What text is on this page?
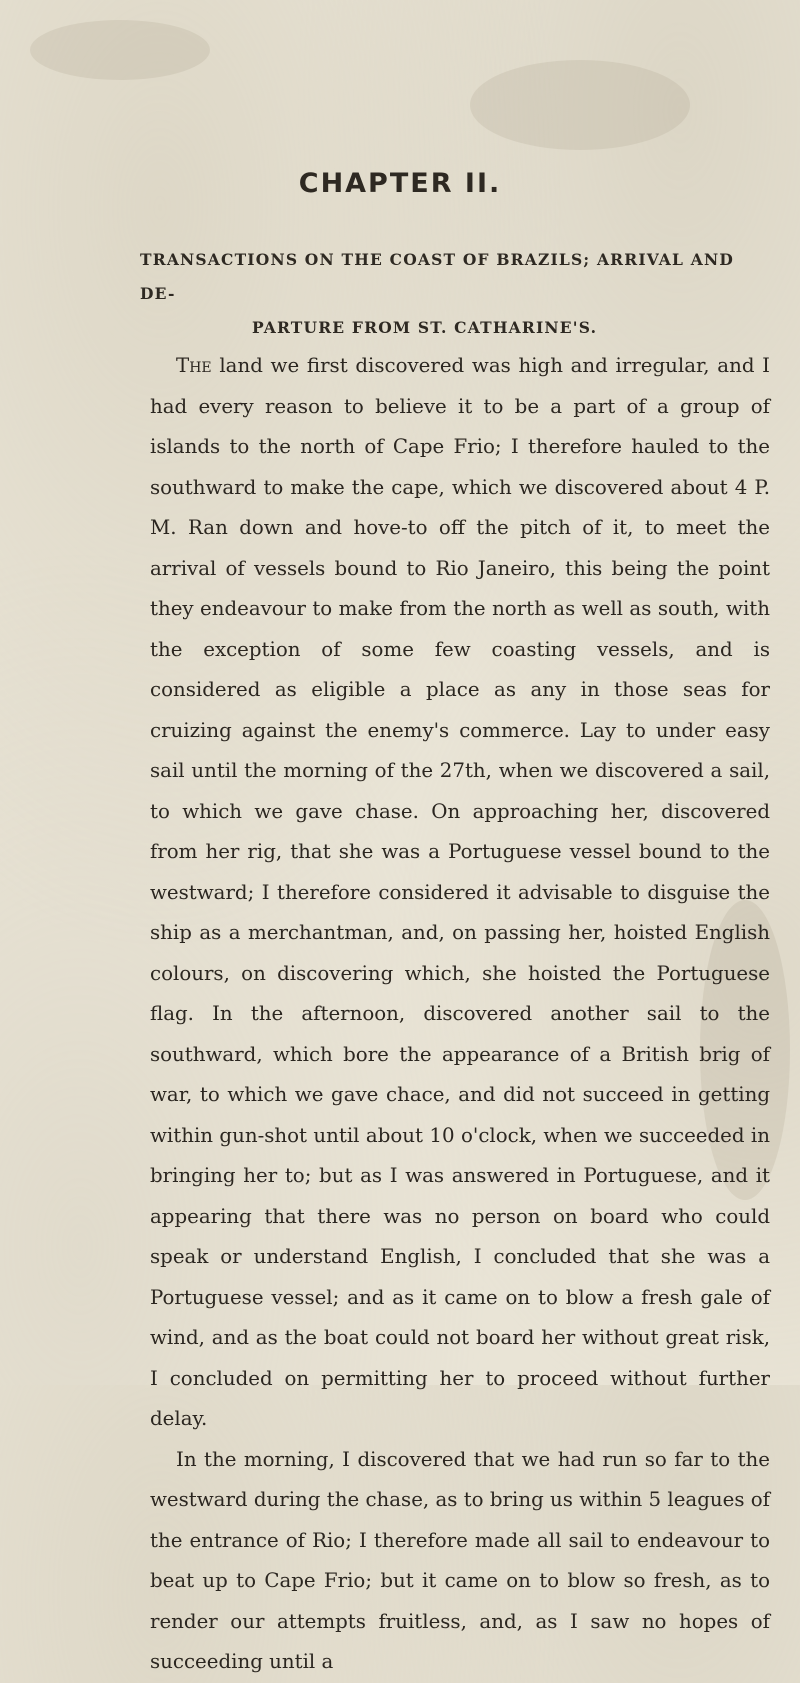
CHAPTER II.
TRANSACTIONS ON THE COAST OF BRAZILS; ARRIVAL AND DE-
PARTURE FROM ST. CATHARINE'S.

The land we first discovered was high and irregular, and I had every reason to believe it to be a part of a group of islands to the north of Cape Frio; I therefore hauled to the southward to make the cape, which we discovered about 4 P. M. Ran down and hove-to off the pitch of it, to meet the arrival of vessels bound to Rio Janeiro, this being the point they endeavour to make from the north as well as south, with the exception of some few coasting vessels, and is considered as eligible a place as any in those seas for cruizing against the enemy's commerce. Lay to under easy sail until the morning of the 27th, when we discovered a sail, to which we gave chase. On approaching her, discovered from her rig, that she was a Portuguese vessel bound to the westward; I therefore considered it advisable to disguise the ship as a merchantman, and, on passing her, hoisted English colours, on discovering which, she hoisted the Portuguese flag. In the afternoon, discovered another sail to the southward, which bore the appearance of a British brig of war, to which we gave chace, and did not succeed in getting within gun-shot until about 10 o'clock, when we succeeded in bringing her to; but as I was answered in Portuguese, and it appearing that there was no person on board who could speak or understand English, I concluded that she was a Portuguese vessel; and as it came on to blow a fresh gale of wind, and as the boat could not board her without great risk, I concluded on permitting her to proceed without further delay.

In the morning, I discovered that we had run so far to the westward during the chase, as to bring us within 5 leagues of the entrance of Rio; I therefore made all sail to endeavour to beat up to Cape Frio; but it came on to blow so fresh, as to render our attempts fruitless, and, as I saw no hopes of succeeding until a
